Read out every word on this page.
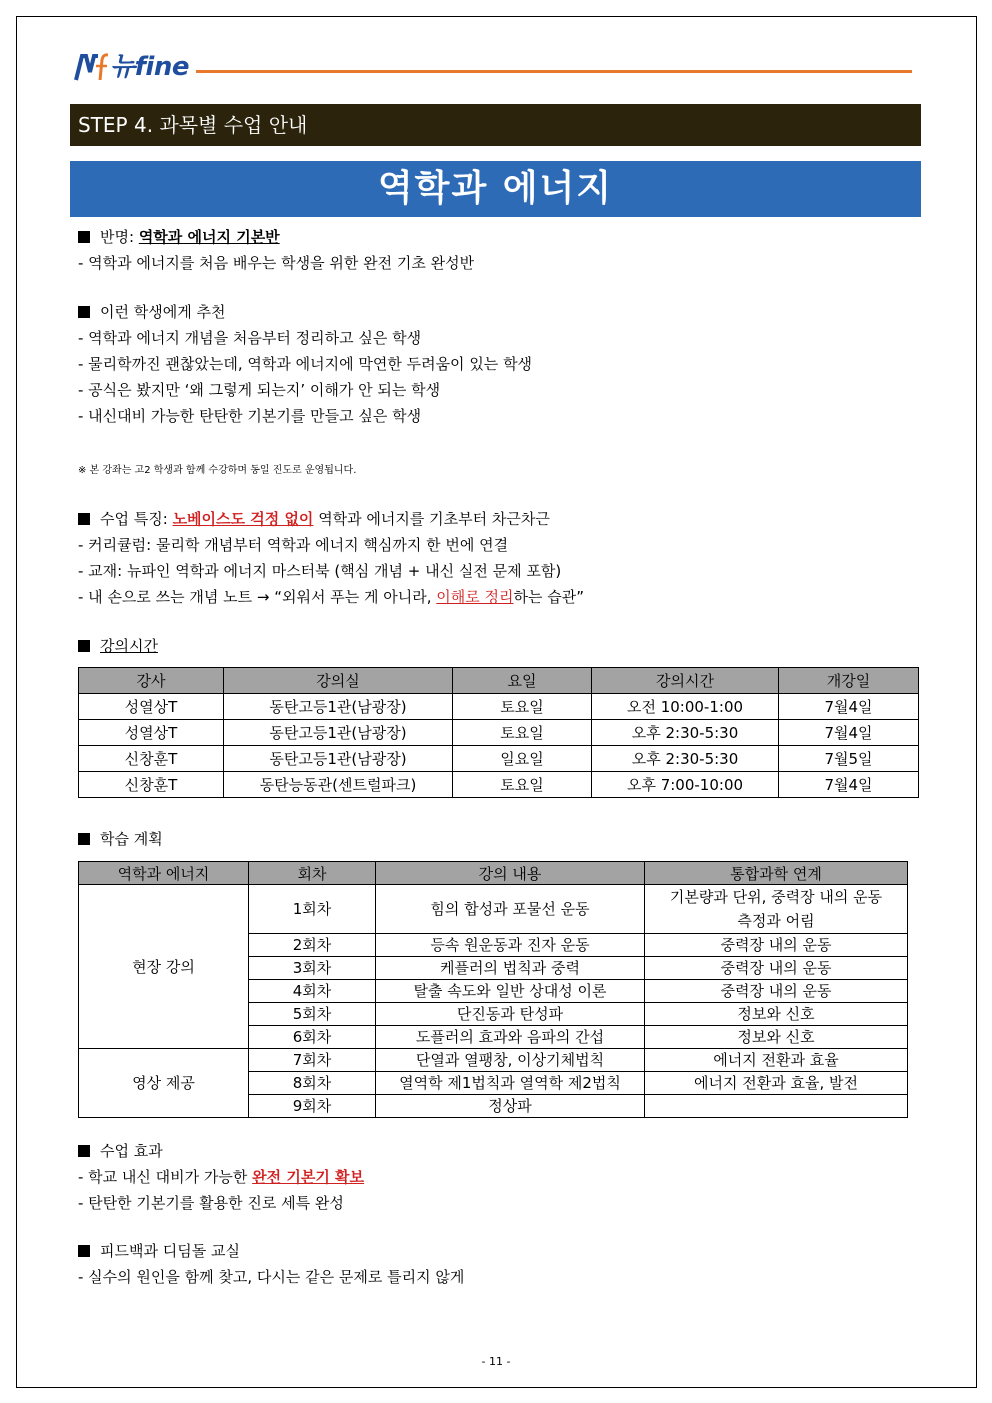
뉴fine
STEP 4. 과목별 수업 안내
역학과 에너지
반명: 역학과 에너지 기본반
- 역학과 에너지를 처음 배우는 학생을 위한 완전 기초 완성반
이런 학생에게 추천
- 역학과 에너지 개념을 처음부터 정리하고 싶은 학생
- 물리학까진 괜찮았는데, 역학과 에너지에 막연한 두려움이 있는 학생
- 공식은 봤지만 ‘왜 그렇게 되는지’ 이해가 안 되는 학생
- 내신대비 가능한 탄탄한 기본기를 만들고 싶은 학생
※ 본 강좌는 고2 학생과 함께 수강하며 동일 진도로 운영됩니다.
수업 특징: 노베이스도 걱정 없이 역학과 에너지를 기초부터 차근차근
- 커리큘럼: 물리학 개념부터 역학과 에너지 핵심까지 한 번에 연결
- 교재: 뉴파인 역학과 에너지 마스터북 (핵심 개념 + 내신 실전 문제 포함)
- 내 손으로 쓰는 개념 노트 → “외워서 푸는 게 아니라, 이해로 정리하는 습관”
강의시간
강사	강의실	요일	강의시간	개강일
성열상T	동탄고등1관(남광장)	토요일	오전 10:00-1:00	7월4일
성열상T	동탄고등1관(남광장)	토요일	오후 2:30-5:30	7월4일
신창훈T	동탄고등1관(남광장)	일요일	오후 2:30-5:30	7월5일
신창훈T	동탄능동관(센트럴파크)	토요일	오후 7:00-10:00	7월4일
학습 계획
역학과 에너지	회차	강의 내용	통합과학 연계
현장 강의	1회차	힘의 합성과 포물선 운동	기본량과 단위, 중력장 내의 운동 측정과 어림
	2회차	등속 원운동과 진자 운동	중력장 내의 운동
	3회차	케플러의 법칙과 중력	중력장 내의 운동
	4회차	탈출 속도와 일반 상대성 이론	중력장 내의 운동
	5회차	단진동과 탄성파	정보와 신호
	6회차	도플러의 효과와 음파의 간섭	정보와 신호
영상 제공	7회차	단열과 열팽창, 이상기체법칙	에너지 전환과 효율
	8회차	열역학 제1법칙과 열역학 제2법칙	에너지 전환과 효율, 발전
	9회차	정상파	
수업 효과
- 학교 내신 대비가 가능한 완전 기본기 확보
- 탄탄한 기본기를 활용한 진로 세특 완성
피드백과 디딤돌 교실
- 실수의 원인을 함께 찾고, 다시는 같은 문제로 틀리지 않게
- 11 -
